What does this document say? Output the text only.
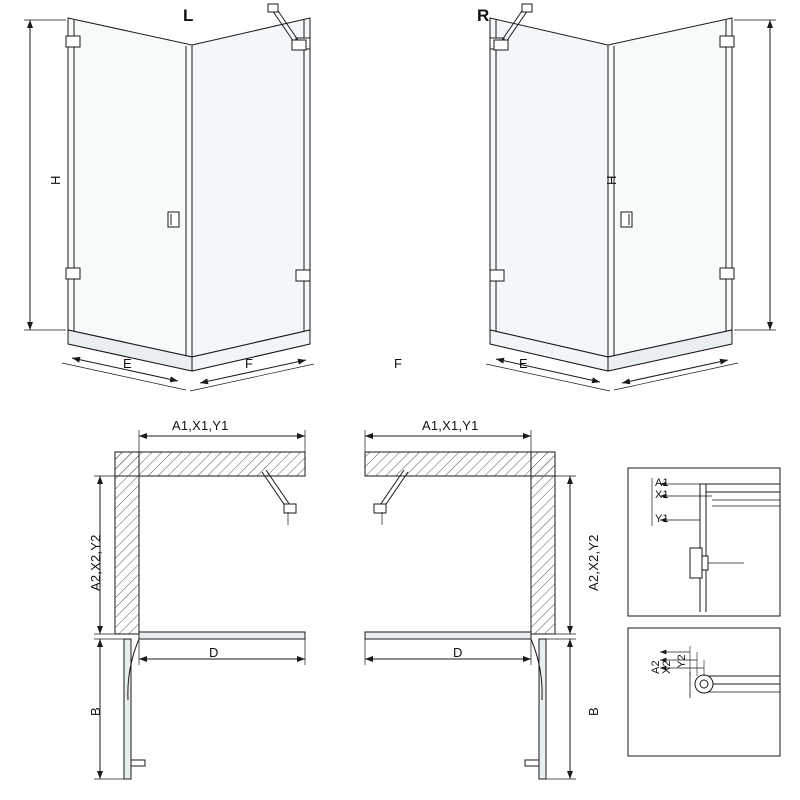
L	R
H	H
E	F	F	E
A1,X1,Y1	A1,X1,Y1
A2,X2,Y2	A2,X2,Y2
D	D
B	B
A1
X1
Y1
A2 X2 Y2
